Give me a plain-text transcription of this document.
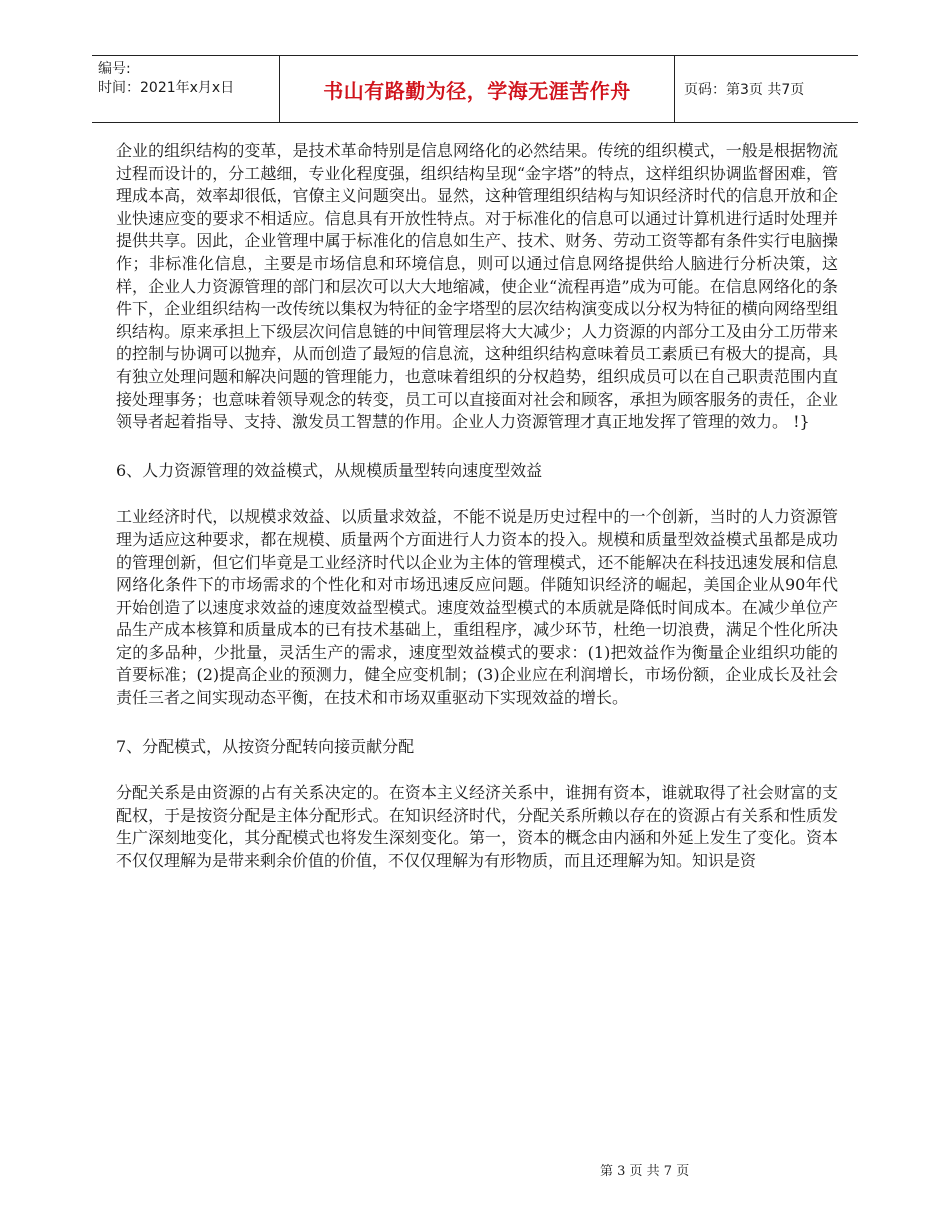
编号:
时间：2021年x月x日	书山有路勤为径，学海无涯苦作舟	页码：第3页 共7页

企业的组织结构的变革，是技术革命特别是信息网络化的必然结果。传统的组织模式，一般是根据物流过程而设计的，分工越细，专业化程度强，组织结构呈现“金字塔”的特点，这样组织协调监督困难，管理成本高，效率却很低，官僚主义问题突出。显然，这种管理组织结构与知识经济时代的信息开放和企业快速应变的要求不相适应。信息具有开放性特点。对于标准化的信息可以通过计算机进行适时处理并提供共享。因此，企业管理中属于标准化的信息如生产、技术、财务、劳动工资等都有条件实行电脑操作；非标准化信息，主要是市场信息和环境信息，则可以通过信息网络提供给人脑进行分析决策，这样，企业人力资源管理的部门和层次可以大大地缩减，使企业“流程再造”成为可能。在信息网络化的条件下，企业组织结构一改传统以集权为特征的金字塔型的层次结构演变成以分权为特征的横向网络型组织结构。原来承担上下级层次问信息链的中间管理层将大大减少；人力资源的内部分工及由分工历带来的控制与协调可以抛弃，从而创造了最短的信息流，这种组织结构意味着员工素质已有极大的提高，具有独立处理问题和解决问题的管理能力，也意味着组织的分权趋势，组织成员可以在自己职责范围内直接处理事务；也意味着领导观念的转变，员工可以直接面对社会和顾客，承担为顾客服务的责任，企业领导者起着指导、支持、激发员工智慧的作用。企业人力资源管理才真正地发挥了管理的效力。 !}

6、人力资源管理的效益模式，从规模质量型转向速度型效益

工业经济时代，以规模求效益、以质量求效益，不能不说是历史过程中的一个创新，当时的人力资源管理为适应这种要求，都在规模、质量两个方面进行人力资本的投入。规模和质量型效益模式虽都是成功的管理创新，但它们毕竟是工业经济时代以企业为主体的管理模式，还不能解决在科技迅速发展和信息网络化条件下的市场需求的个性化和对市场迅速反应问题。伴随知识经济的崛起，美国企业从90年代开始创造了以速度求效益的速度效益型模式。速度效益型模式的本质就是降低时间成本。在减少单位产品生产成本核算和质量成本的已有技术基础上，重组程序，减少环节，杜绝一切浪费，满足个性化所决定的多品种，少批量，灵活生产的需求，速度型效益模式的要求：(1)把效益作为衡量企业组织功能的首要标准；(2)提高企业的预测力，健全应变机制；(3)企业应在利润增长，市场份额，企业成长及社会责任三者之间实现动态平衡，在技术和市场双重驱动下实现效益的增长。

7、分配模式，从按资分配转向接贡献分配

分配关系是由资源的占有关系决定的。在资本主义经济关系中，谁拥有资本，谁就取得了社会财富的支配权，于是按资分配是主体分配形式。在知识经济时代，分配关系所赖以存在的资源占有关系和性质发生广深刻地变化，其分配模式也将发生深刻变化。第一，资本的概念由内涵和外延上发生了变化。资本不仅仅理解为是带来剩余价值的价值，不仅仅理解为有形物质，而且还理解为知。知识是资

第 3 页 共 7 页
